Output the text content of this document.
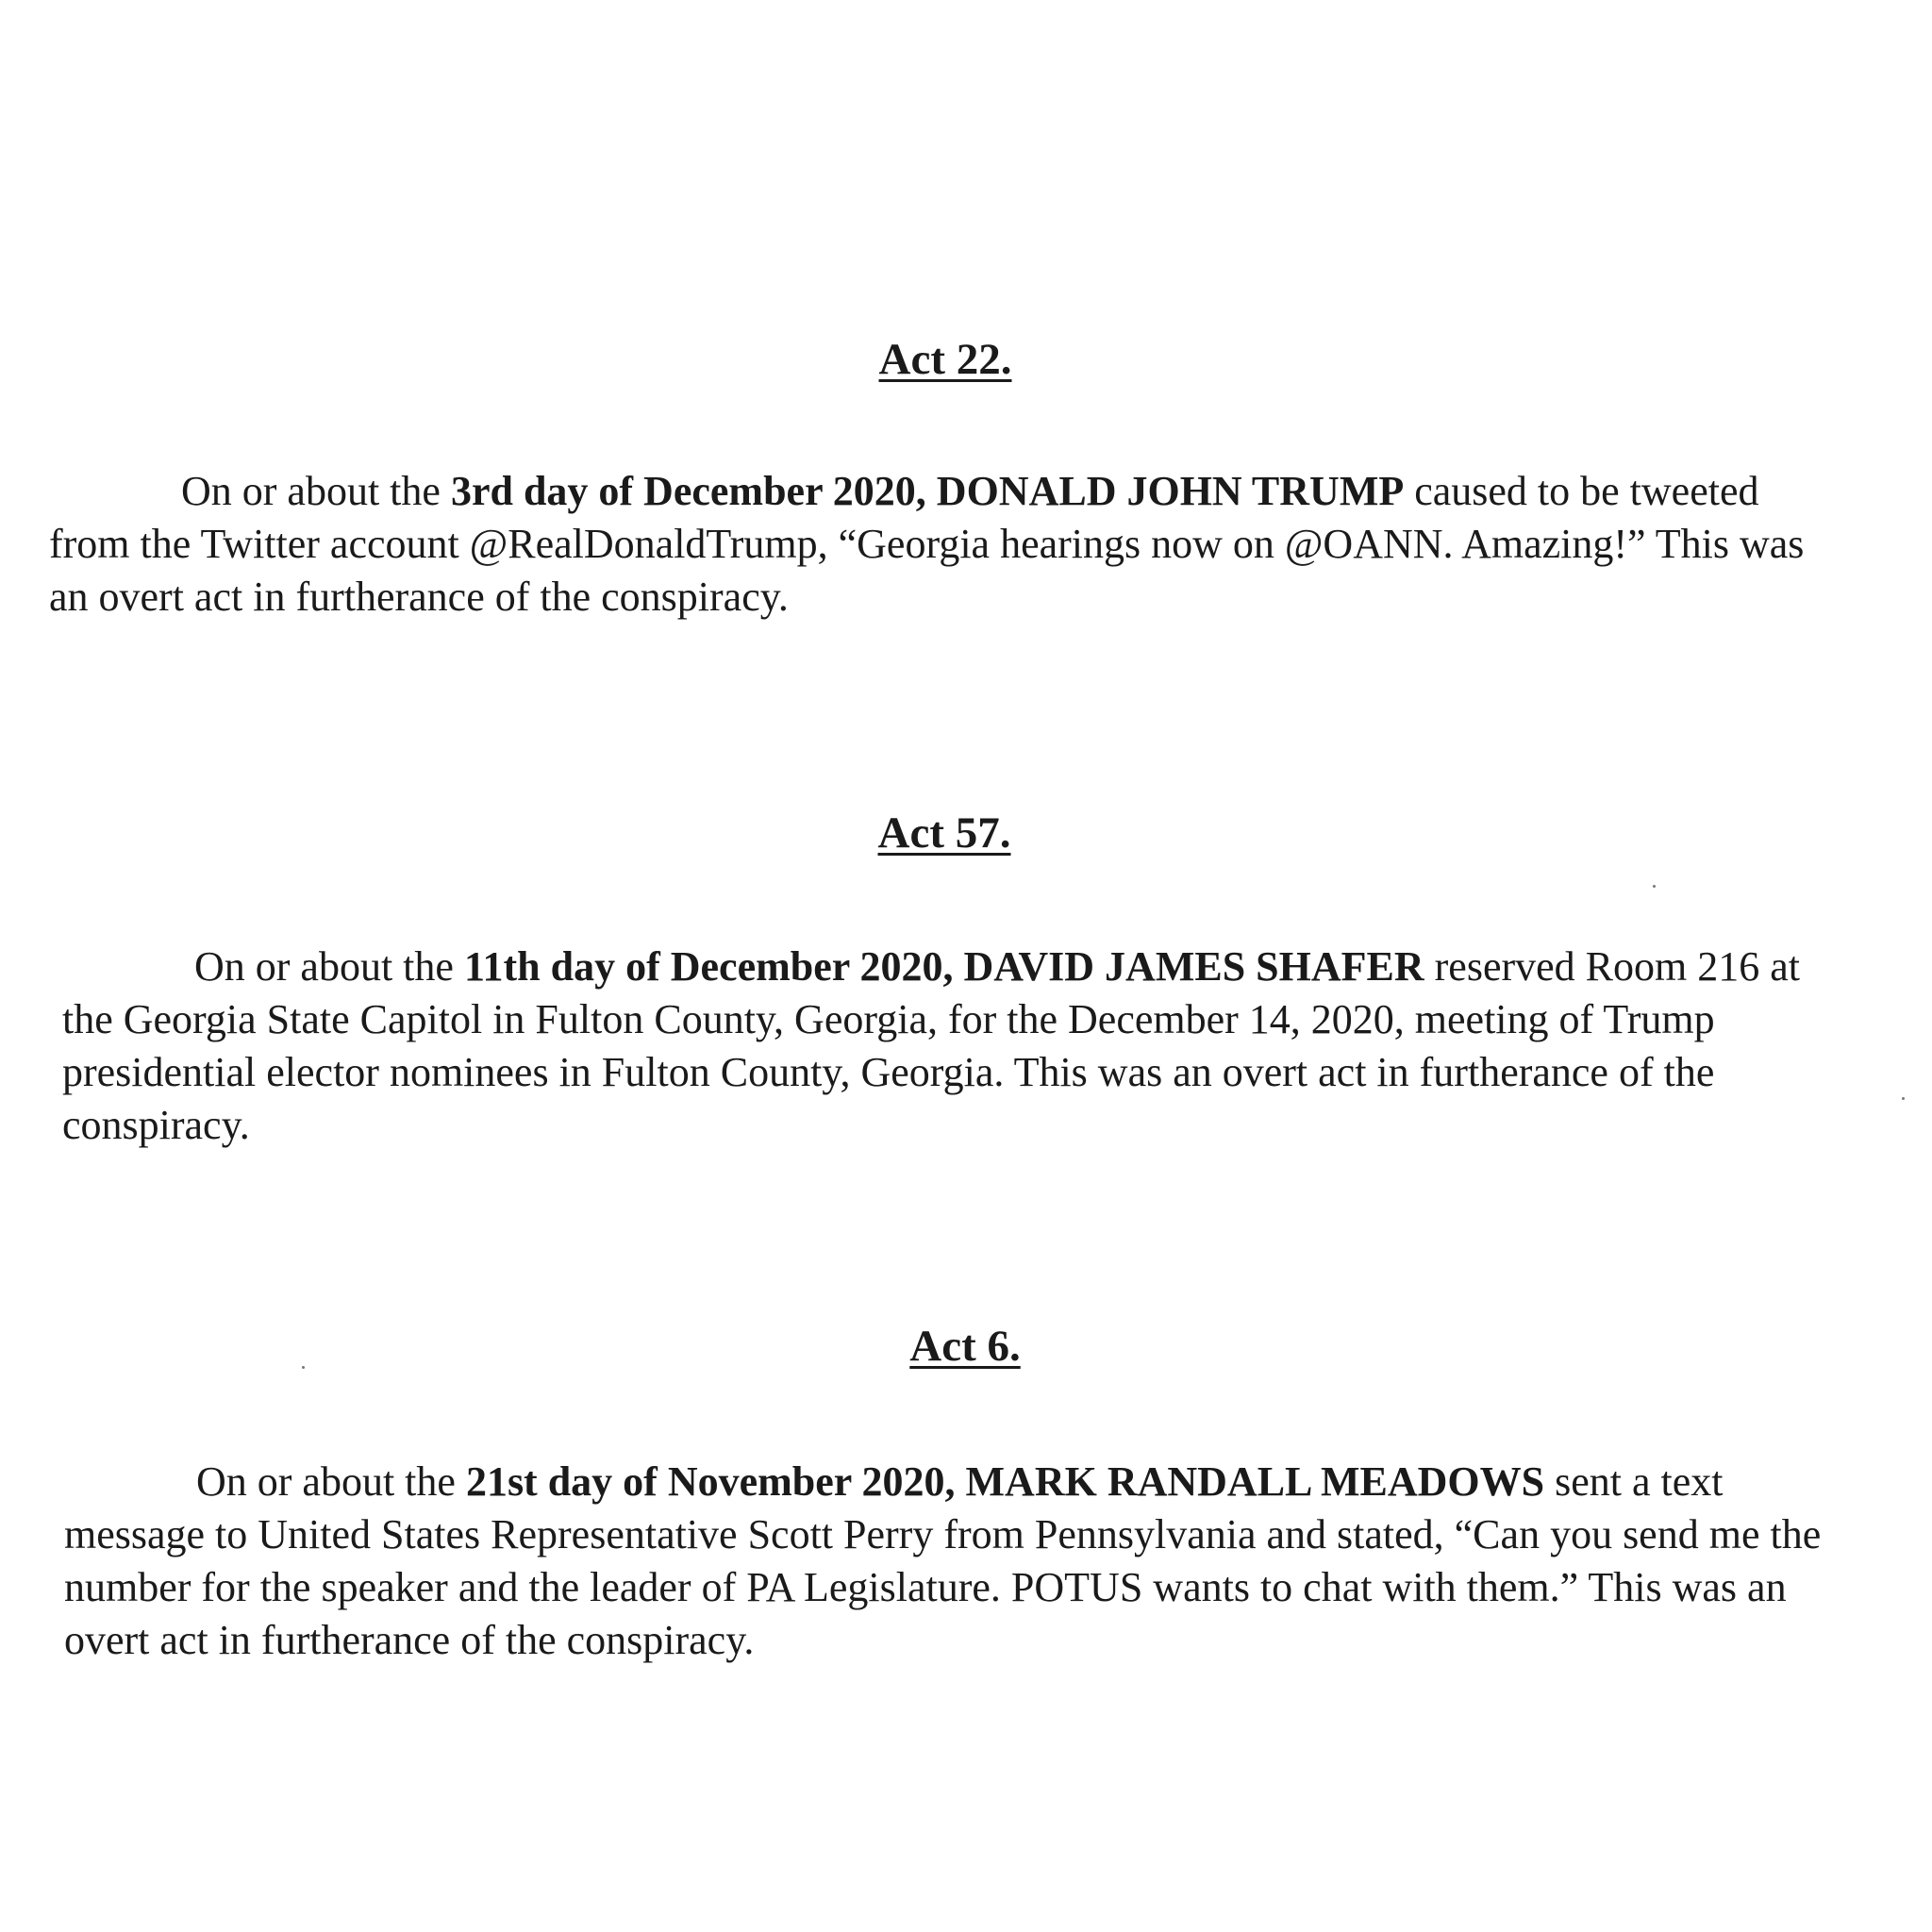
Act 22.

On or about the 3rd day of December 2020, DONALD JOHN TRUMP caused to be tweeted from the Twitter account @RealDonaldTrump, “Georgia hearings now on @OANN. Amazing!” This was an overt act in furtherance of the conspiracy.

Act 57.

On or about the 11th day of December 2020, DAVID JAMES SHAFER reserved Room 216 at the Georgia State Capitol in Fulton County, Georgia, for the December 14, 2020, meeting of Trump presidential elector nominees in Fulton County, Georgia. This was an overt act in furtherance of the conspiracy.

Act 6.

On or about the 21st day of November 2020, MARK RANDALL MEADOWS sent a text message to United States Representative Scott Perry from Pennsylvania and stated, “Can you send me the number for the speaker and the leader of PA Legislature. POTUS wants to chat with them.” This was an overt act in furtherance of the conspiracy.
